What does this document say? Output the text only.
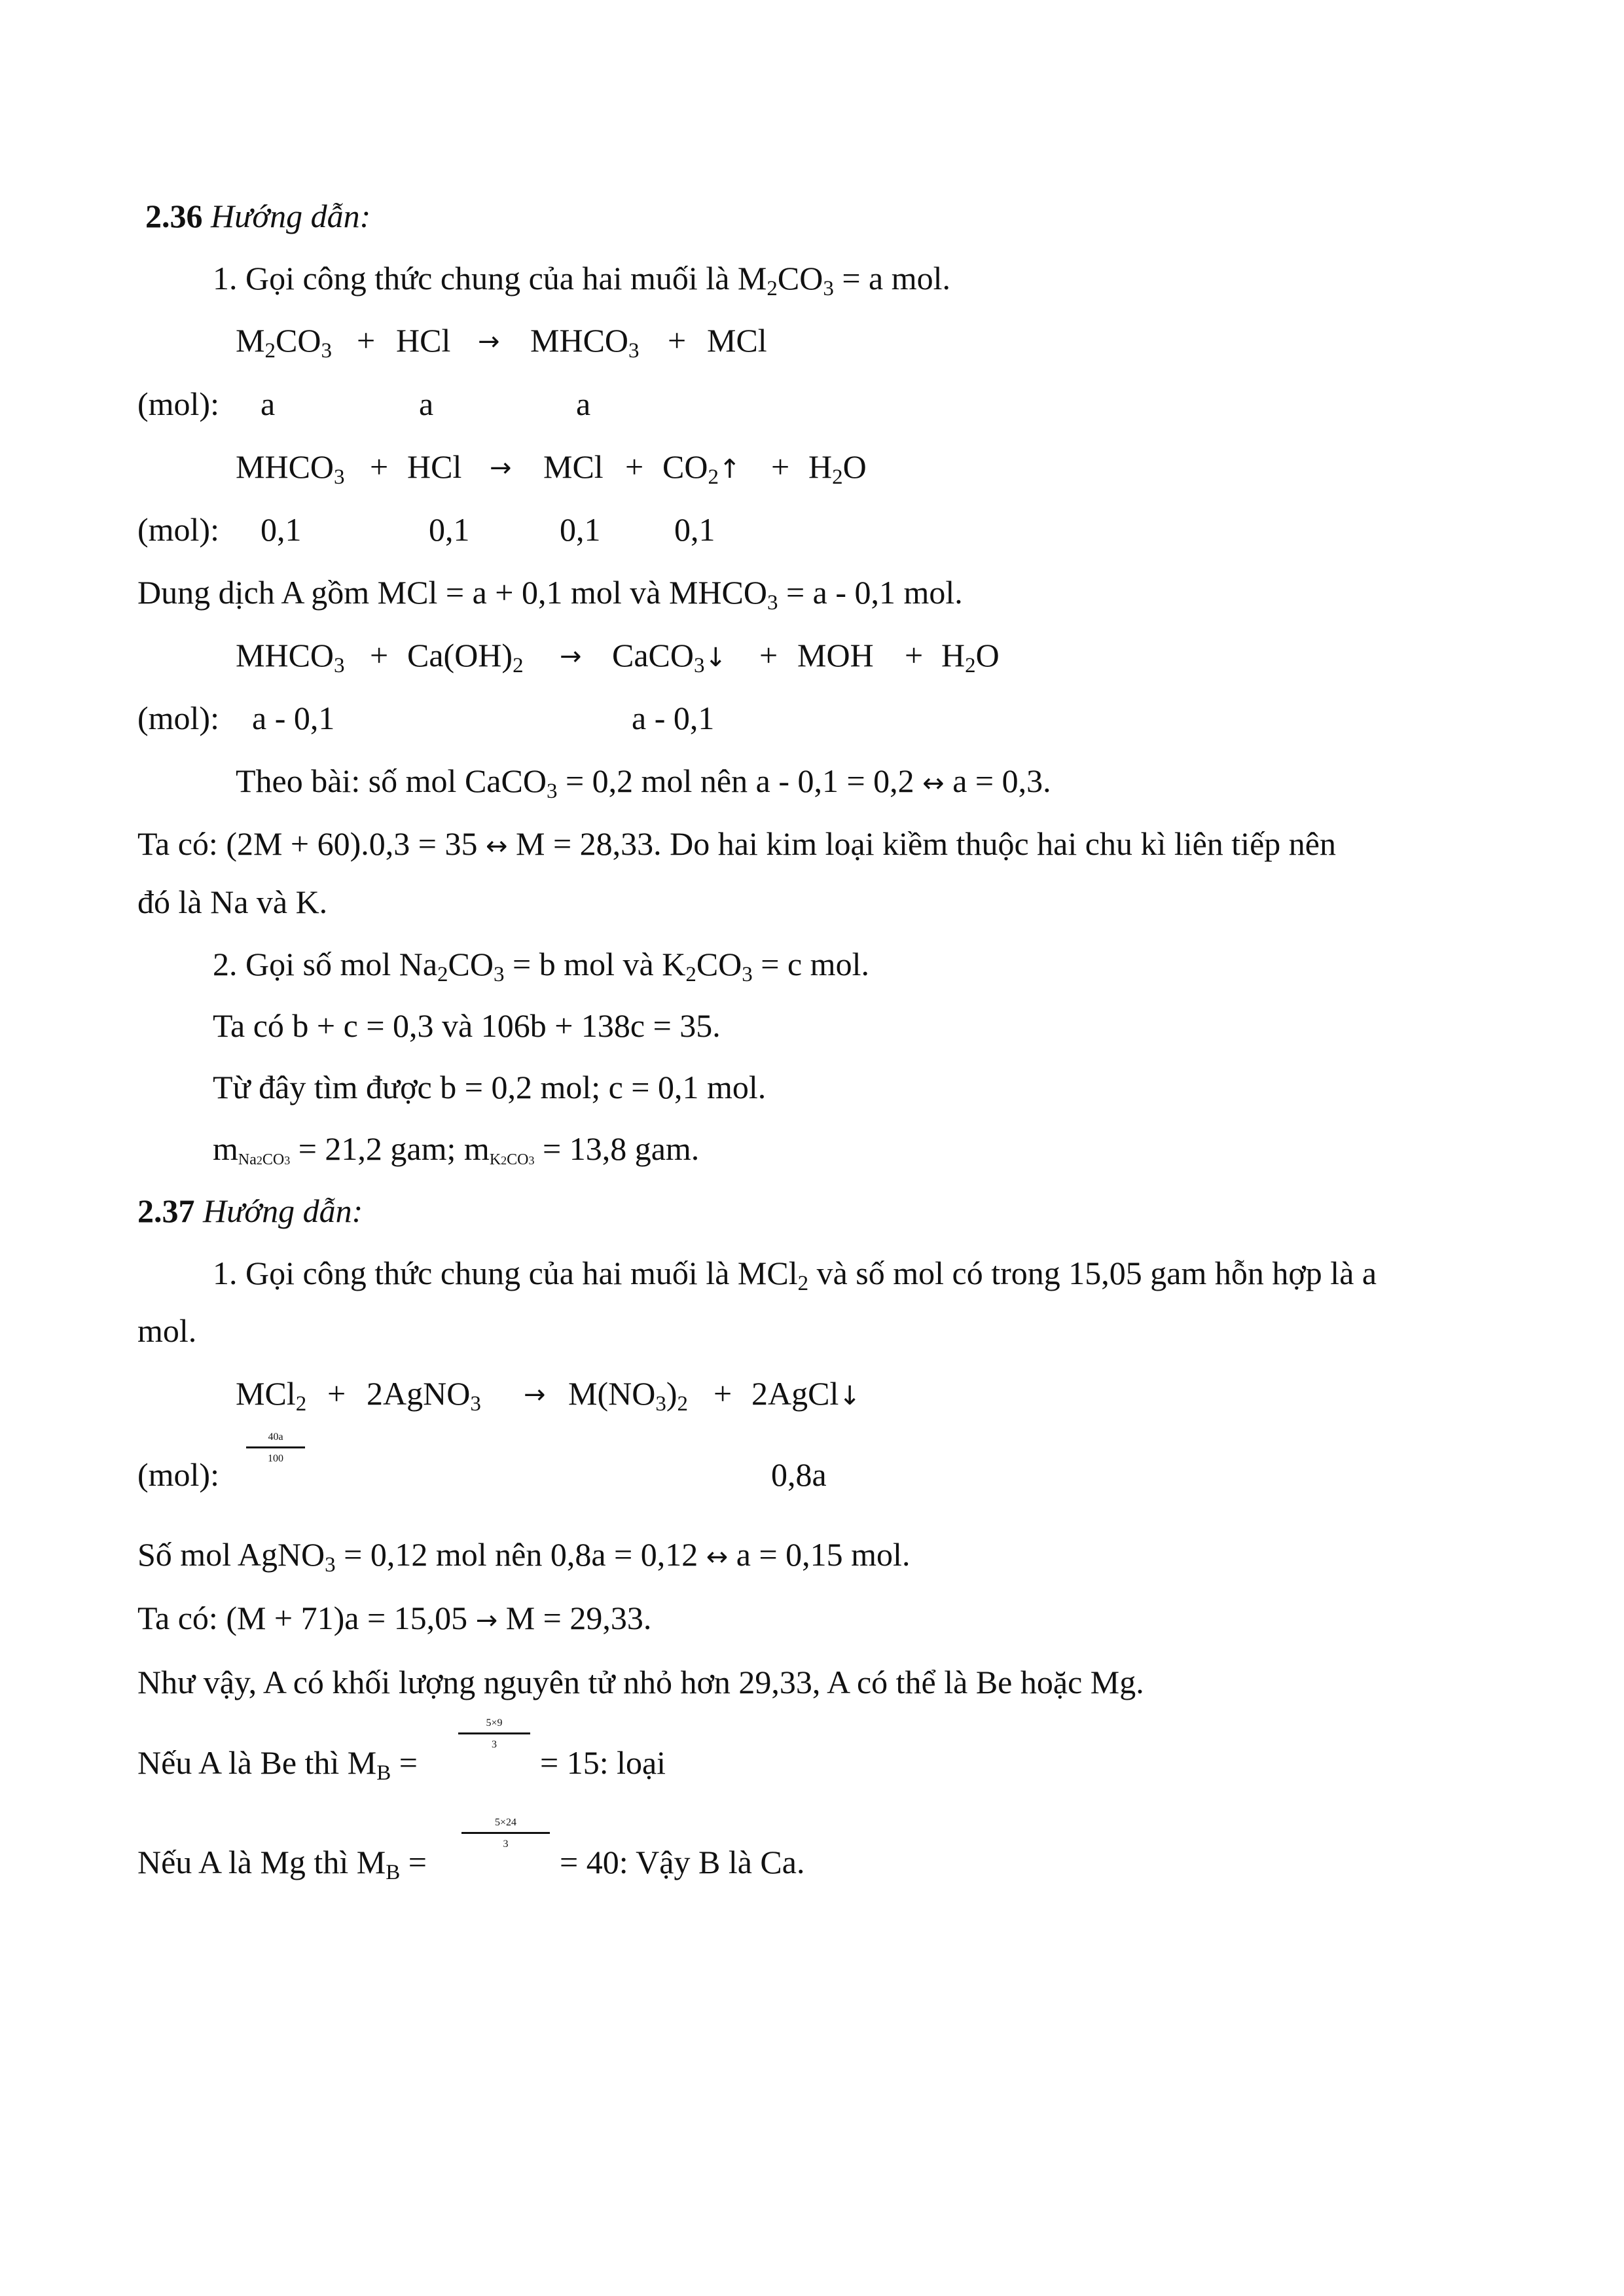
2.36 Hướng dẫn:
1. Gọi công thức chung của hai muối là $M_2CO_3 = a$ mol.
$M_2CO_3$ + HCl → $MHCO_3$ + MCl
(mol): a	a	a
$MHCO_3$ + HCl → MCl + $CO_2↑ + H_2O$
(mol): 0,1	0,1	0,1 0,1
Dung dịch A gồm MCl = a + 0,1 mol và $MHCO_3 = a - 0,1$ mol.
$MHCO_3 + Ca(OH)_2$ → CaCO$_3$↓ + MOH + $H_2O$
(mol): a - 0,1	a - 0,1
Theo bài: số mol CaCO$_3$ = 0,2 mol nên a - 0,1 = 0,2 ↔ a = 0,3.
Ta có: (2M + 60).0,3 = 35 ↔ M = 28,33. Do hai kim loại kiềm thuộc hai chu kì liên tiếp nên
đó là Na và K.
2. Gọi số mol $Na_2CO_3 = b$ mol và $K_2CO_3 = c$ mol.
Ta có b + c = 0,3 và 106b + 138c = 35.
Từ đây tìm được b = 0,2 mol; c = 0,1 mol.
$m_{Na2CO3} = 21,2$ gam; $m_{K2CO3} = 13,8$ gam.
2.37 Hướng dẫn:
1. Gọi công thức chung của hai muối là MCl$_2$ và số mol có trong 15,05 gam hỗn hợp là a
mol.
MCl$_2$ + 2AgNO$_3$ → $M(NO_3)_2$ + 2AgCl↓
(mol):
40a
100	0,8a
Số mol AgNO$_3$ = 0,12 mol nên 0,8a = 0,12 ↔ a = 0,15 mol.
Ta có: (M + 71)a = 15,05 → M = 29,33.
Như vậy, A có khối lượng nguyên tử nhỏ hơn 29,33, A có thể là Be hoặc Mg.
Nếu A là Be thì $M_B$ =
5×9
3	= 15: loại
Nếu A là Mg thì $M_B$ =
5×24
3	= 40: Vậy B là Ca.
